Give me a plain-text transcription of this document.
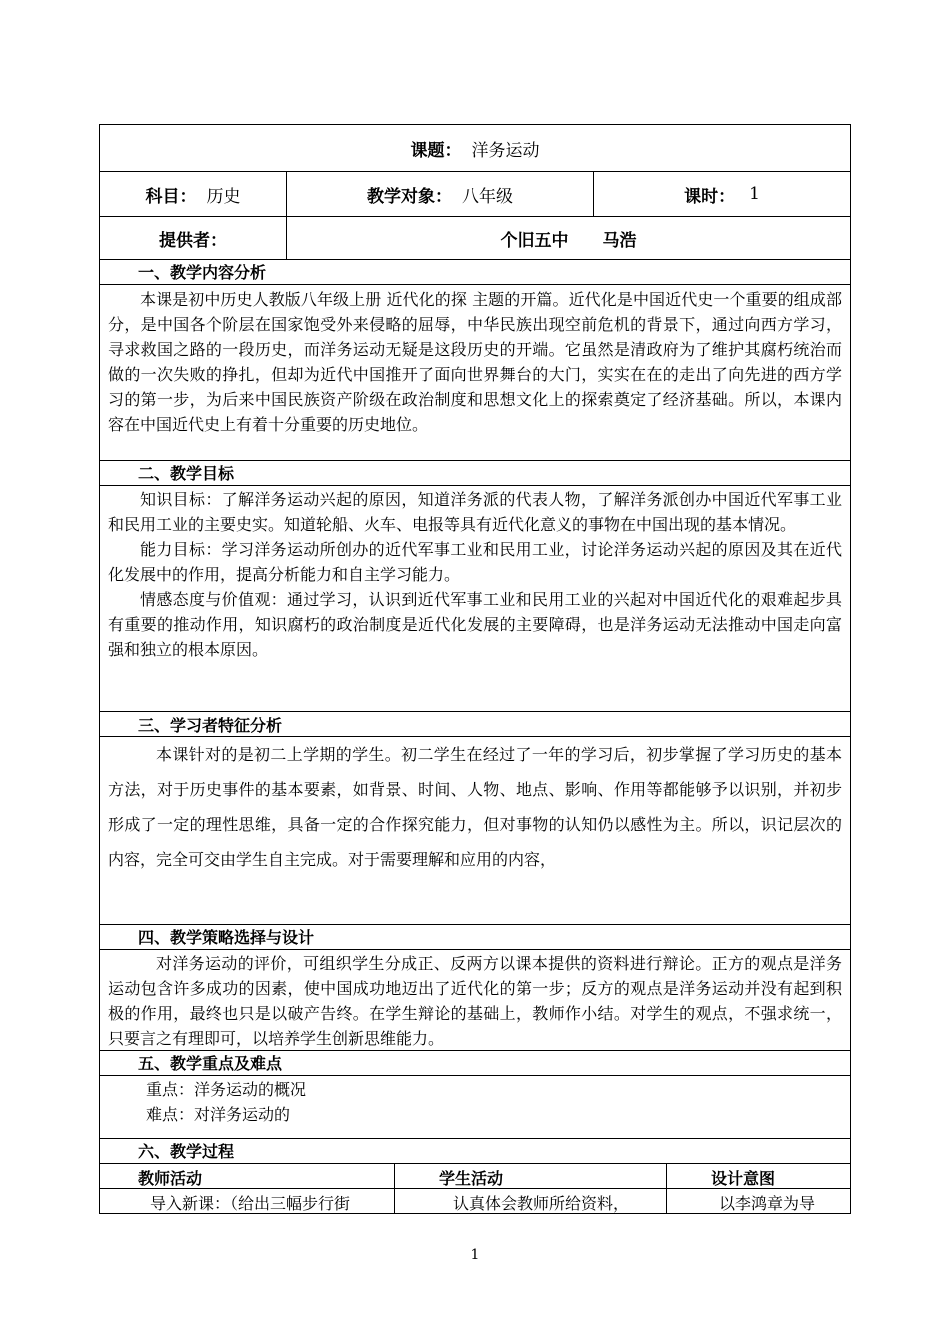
课题： 洋务运动
科目： 历史	教学对象： 八年级	课时： 1
提供者：	个旧五中　　马浩
一、教学内容分析

本课是初中历史人教版八年级上册 近代化的探 主题的开篇。近代化是中国近代史一个重要的组成部分，是中国各个阶层在国家饱受外来侵略的屈辱，中华民族出现空前危机的背景下，通过向西方学习，寻求救国之路的一段历史，而洋务运动无疑是这段历史的开端。它虽然是清政府为了维护其腐朽统治而做的一次失败的挣扎，但却为近代中国推开了面向世界舞台的大门，实实在在的走出了向先进的西方学习的第一步，为后来中国民族资产阶级在政治制度和思想文化上的探索奠定了经济基础。所以，本课内容在中国近代史上有着十分重要的历史地位。

二、教学目标

知识目标：了解洋务运动兴起的原因，知道洋务派的代表人物，了解洋务派创办中国近代军事工业和民用工业的主要史实。知道轮船、火车、电报等具有近代化意义的事物在中国出现的基本情况。

能力目标：学习洋务运动所创办的近代军事工业和民用工业，讨论洋务运动兴起的原因及其在近代化发展中的作用，提高分析能力和自主学习能力。

情感态度与价值观：通过学习，认识到近代军事工业和民用工业的兴起对中国近代化的艰难起步具有重要的推动作用，知识腐朽的政治制度是近代化发展的主要障碍，也是洋务运动无法推动中国走向富强和独立的根本原因。

三、学习者特征分析

本课针对的是初二上学期的学生。初二学生在经过了一年的学习后，初步掌握了学习历史的基本方法，对于历史事件的基本要素，如背景、时间、人物、地点、影响、作用等都能够予以识别，并初步形成了一定的理性思维，具备一定的合作探究能力，但对事物的认知仍以感性为主。所以，识记层次的内容，完全可交由学生自主完成。对于需要理解和应用的内容，

四、教学策略选择与设计

对洋务运动的评价，可组织学生分成正、反两方以课本提供的资料进行辩论。正方的观点是洋务运动包含许多成功的因素，使中国成功地迈出了近代化的第一步；反方的观点是洋务运动并没有起到积极的作用，最终也只是以破产告终。在学生辩论的基础上，教师作小结。对学生的观点，不强求统一，只要言之有理即可，以培养学生创新思维能力。

五、教学重点及难点

重点：洋务运动的概况

难点：对洋务运动的

六、教学过程
教师活动	学生活动	设计意图
导入新课：（给出三幅步行街	认真体会教师所给资料，	以李鸿章为导
1
